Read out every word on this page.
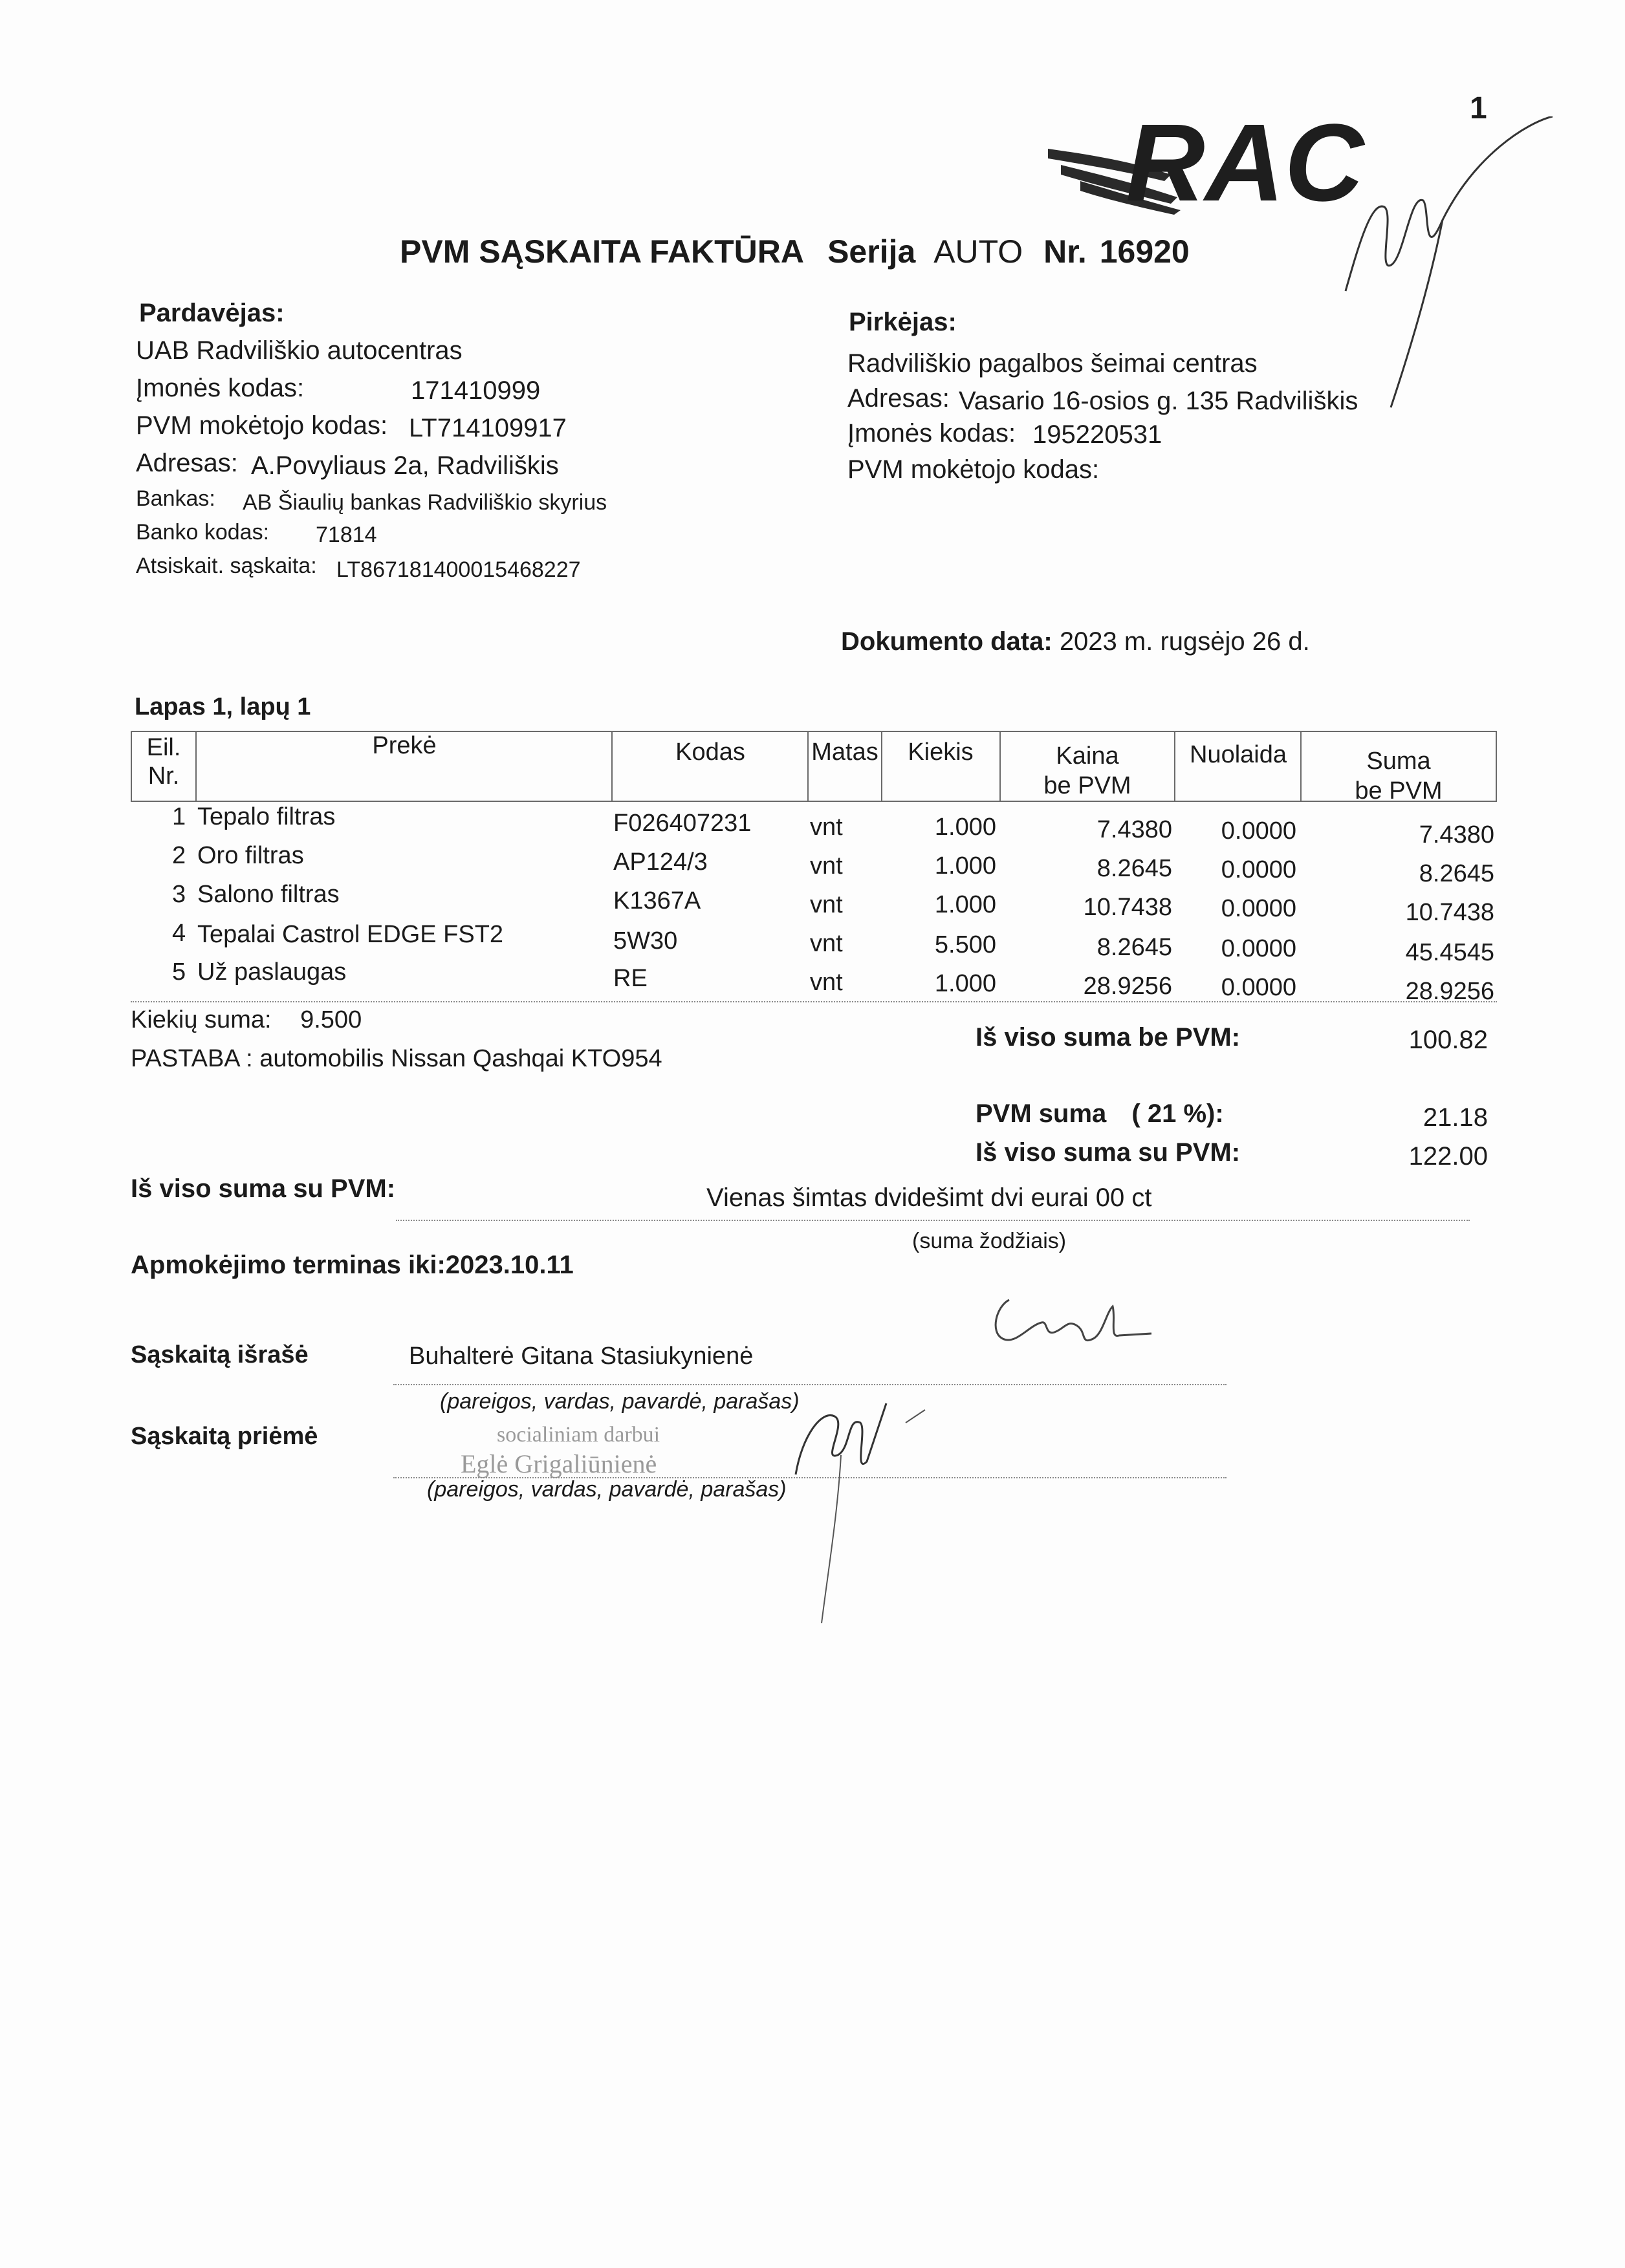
1
RAC
PVM SĄSKAITA FAKTŪRA Serija AUTO Nr. 16920
Pardavėjas:
UAB Radviliškio autocentras
Įmonės kodas:	171410999
PVM mokėtojo kodas: LT714109917
Adresas: A.Povyliaus 2a, Radviliškis
Bankas: AB Šiaulių bankas Radviliškio skyrius
Banko kodas: 71814
Atsiskait. sąskaita: LT867181400015468227
Pirkėjas:
Radviliškio pagalbos šeimai centras
Adresas: Vasario 16-osios g. 135 Radviliškis
Įmonės kodas: 195220531
PVM mokėtojo kodas:
Dokumento data: 2023 m. rugsėjo 26 d.
Lapas 1, lapų 1
Eil.
Nr.
Prekė	Kodas	Matas	Kiekis	Kaina
be PVM
Nuolaida	Suma
be PVM
1 Tepalo filtras	F026407231 vnt	1.000	7.4380	0.0000	7.4380
2 Oro filtras	AP124/3	vnt	1.000	8.2645	0.0000	8.2645
3 Salono filtras	K1367A	vnt	1.000	10.7438	0.0000	10.7438
4 Tepalai Castrol EDGE FST2	5W30	vnt	5.500	8.2645	0.0000	45.4545
5 Už paslaugas	RE	vnt	1.000	28.9256	0.0000	28.9256
Kiekių suma: 9.500
PASTABA : automobilis Nissan Qashqai KTO954
Iš viso suma be PVM:	100.82
PVM suma ( 21 %):	21.18
Iš viso suma su PVM:	122.00
Iš viso suma su PVM:	Vienas šimtas dvidešimt dvi eurai 00 ct
(suma žodžiais)
Apmokėjimo terminas iki:2023.10.11
Sąskaitą išrašė	Buhalterė Gitana Stasiukynienė
(pareigos, vardas, pavardė, parašas)
Sąskaitą priėmė	socialiniam darbui
Eglė Grigaliūnienė
(pareigos, vardas, pavardė, parašas)
